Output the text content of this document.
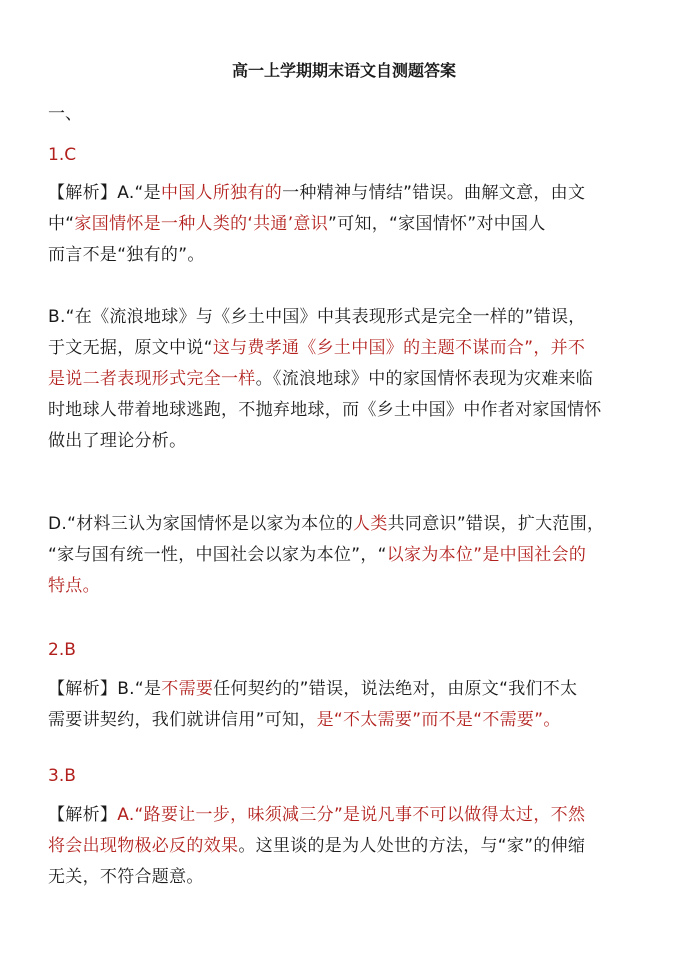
高一上学期期末语文自测题答案
一、
1.C
【解析】A.“是中国人所独有的一种精神与情结”错误。曲解文意，由文
中“家国情怀是一种人类的‘共通’意识”可知，“家国情怀”对中国人
而言不是“独有的”。
B.“在《流浪地球》与《乡土中国》中其表现形式是完全一样的”错误，
于文无据，原文中说“这与费孝通《乡土中国》的主题不谋而合”，并不
是说二者表现形式完全一样。《流浪地球》中的家国情怀表现为灾难来临
时地球人带着地球逃跑，不抛弃地球，而《乡土中国》中作者对家国情怀
做出了理论分析。
D.“材料三认为家国情怀是以家为本位的人类共同意识”错误，扩大范围，
“家与国有统一性，中国社会以家为本位”，“以家为本位”是中国社会的
特点。
2.B
【解析】B.“是不需要任何契约的”错误，说法绝对，由原文“我们不太
需要讲契约，我们就讲信用”可知，是“不太需要”而不是“不需要”。
3.B
【解析】A.“路要让一步，味须减三分”是说凡事不可以做得太过，不然
将会出现物极必反的效果。这里谈的是为人处世的方法，与“家”的伸缩
无关，不符合题意。
